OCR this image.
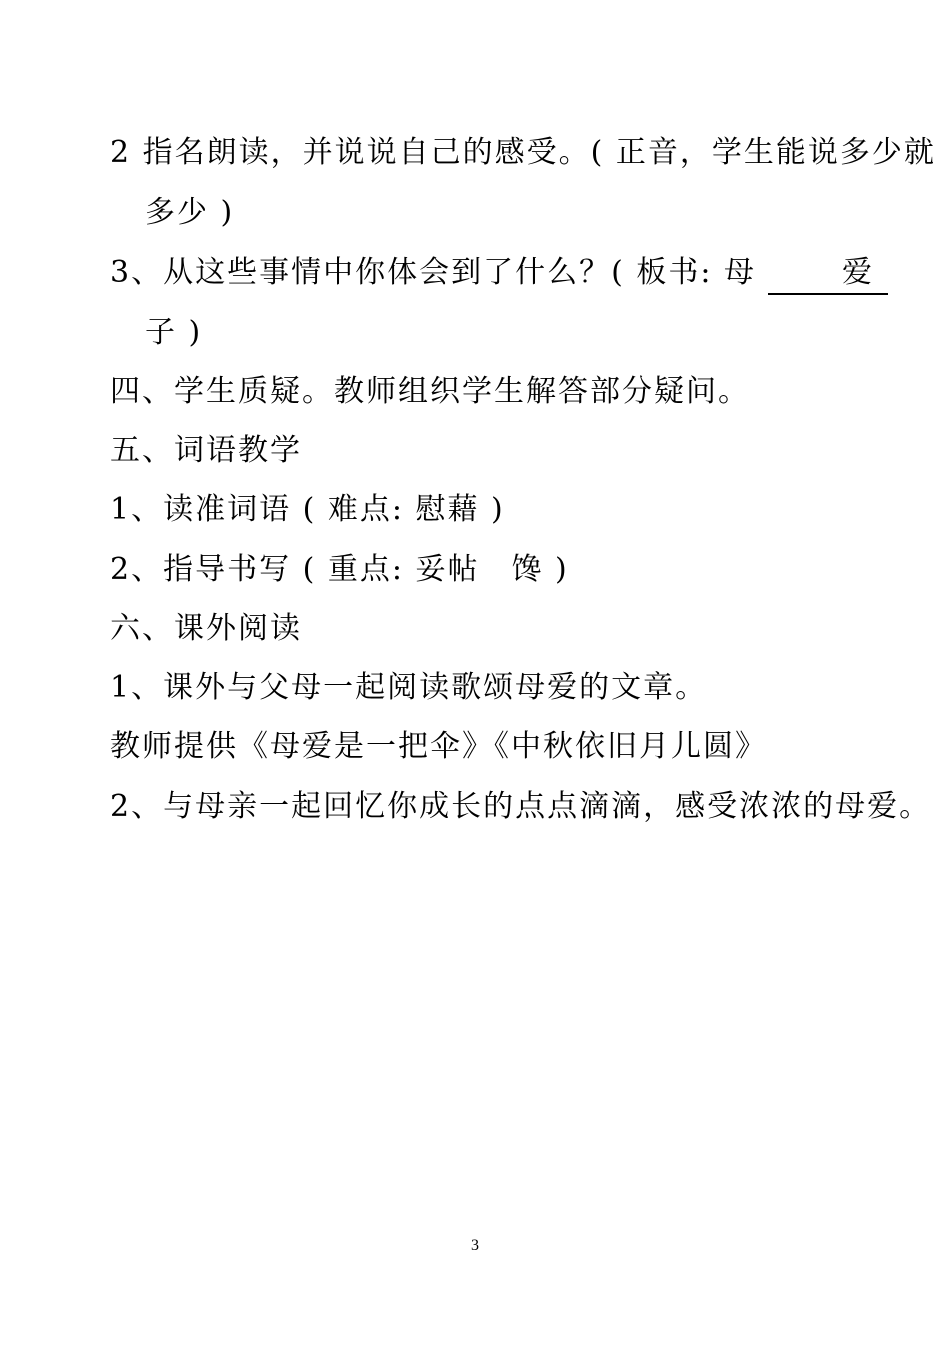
2 指名朗读，并说说自己的感受。( 正音，学生能说多少就
多少 )
3、从这些事情中你体会到了什么？( 板书: 母	爱
子 )
四、学生质疑。教师组织学生解答部分疑问。
五、词语教学
1、读准词语 ( 难点: 慰藉 )
2、指导书写 ( 重点: 妥帖　馋 )
六、课外阅读
1、课外与父母一起阅读歌颂母爱的文章。
教师提供《母爱是一把伞》《中秋依旧月儿圆》
2、与母亲一起回忆你成长的点点滴滴，感受浓浓的母爱。
3
